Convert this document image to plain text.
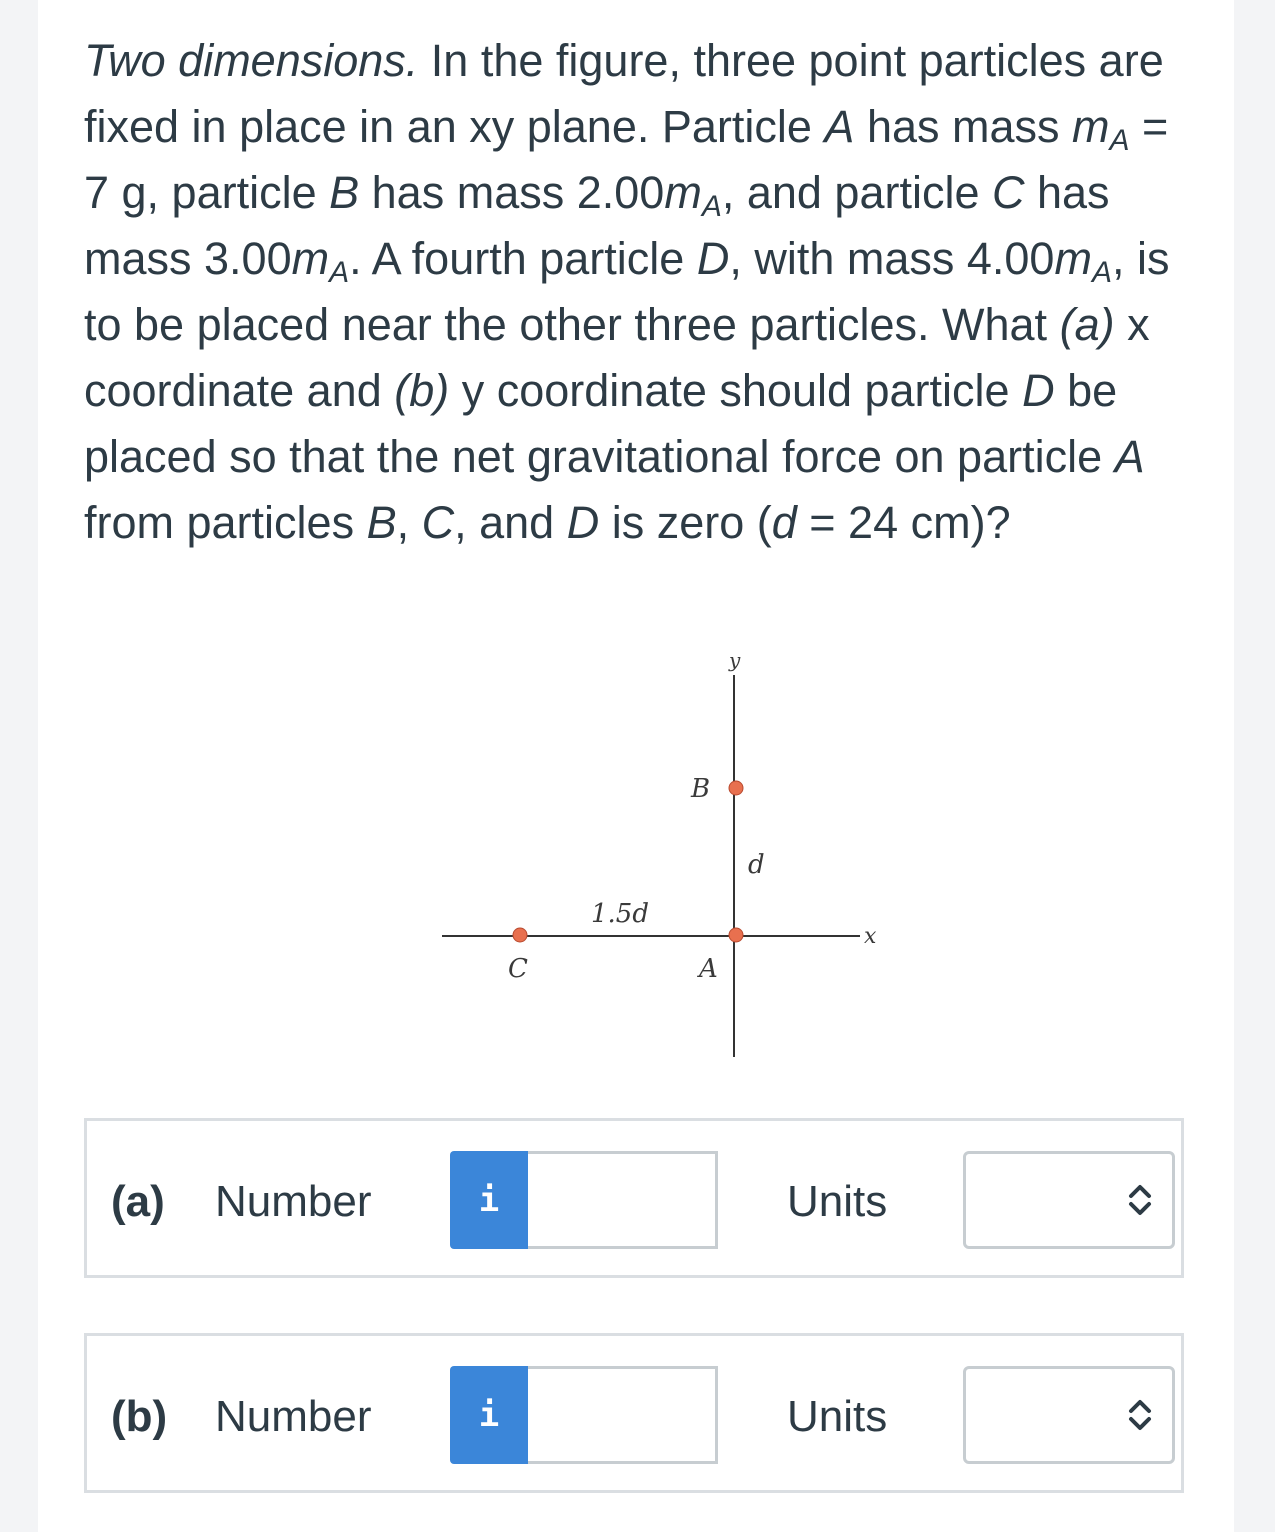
Two dimensions. In the figure, three point particles are fixed in place in an xy plane. Particle A has mass $m_A = 7$ g, particle B has mass $2.00m_A$, and particle C has mass $3.00m_A$. A fourth particle D, with mass $4.00m_A$, is to be placed near the other three particles. What (a) x coordinate and (b) y coordinate should particle D be placed so that the net gravitational force on particle A from particles B, C, and D is zero (d = 24 cm)?
y
x
B
d
A
1.5d
C
(a) Number	i	Units
(b) Number	i	Units
